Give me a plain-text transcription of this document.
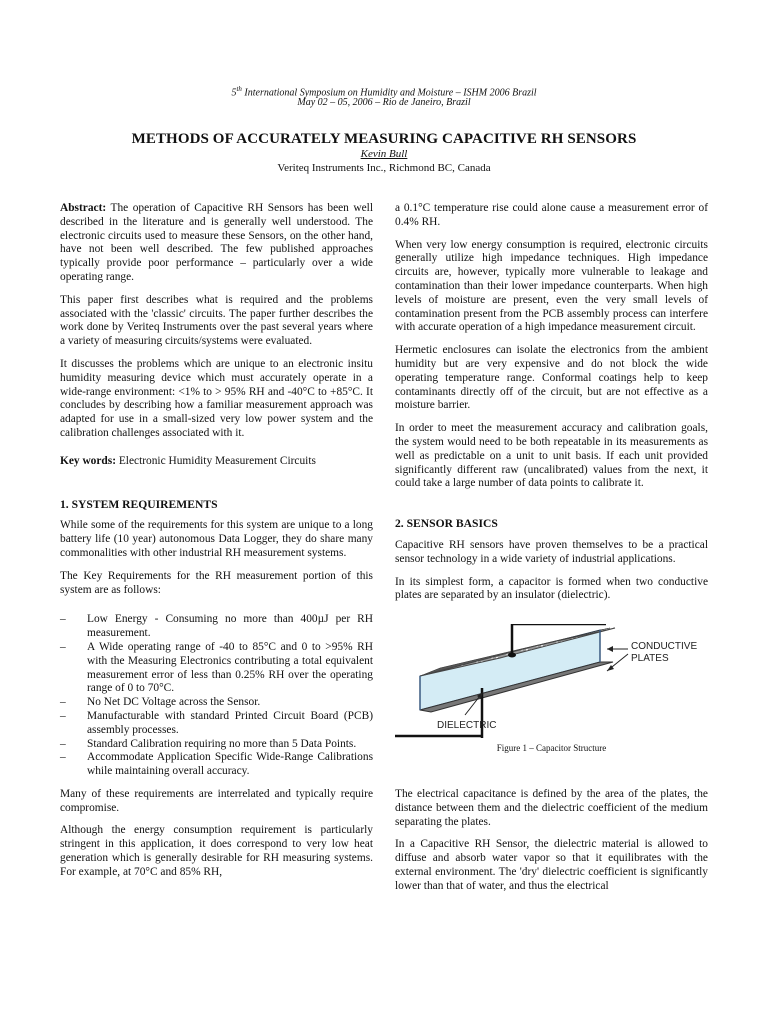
5th International Symposium on Humidity and Moisture – ISHM 2006 Brazil
May 02 – 05, 2006 – Rio de Janeiro, Brazil
METHODS OF ACCURATELY MEASURING CAPACITIVE RH SENSORS
Kevin Bull
Veriteq Instruments Inc., Richmond BC, Canada

Abstract: The operation of Capacitive RH Sensors has been well described in the literature and is generally well understood. The electronic circuits used to measure these Sensors, on the other hand, have not been well described. The few published approaches typically provide poor performance – particularly over a wide operating range.

This paper first describes what is required and the problems associated with the 'classic' circuits. The paper further describes the work done by Veriteq Instruments over the past several years where a variety of measuring circuits/systems were evaluated.

It discusses the problems which are unique to an electronic insitu humidity measuring device which must accurately operate in a wide-range environment: <1% to > 95% RH and -40°C to +85°C. It concludes by describing how a familiar measurement approach was adapted for use in a small-sized very low power system and the calibration challenges associated with it.

Key words: Electronic Humidity Measurement Circuits

1. SYSTEM REQUIREMENTS

While some of the requirements for this system are unique to a long battery life (10 year) autonomous Data Logger, they do share many commonalities with other industrial RH measurement systems.

The Key Requirements for the RH measurement portion of this system are as follows:

– Low Energy - Consuming no more than 400µJ per RH measurement.
– A Wide operating range of -40 to 85°C and 0 to >95% RH with the Measuring Electronics contributing a total equivalent measurement error of less than 0.25% RH over the operating range of 0 to 70°C.
– No Net DC Voltage across the Sensor.
– Manufacturable with standard Printed Circuit Board (PCB) assembly processes.
– Standard Calibration requiring no more than 5 Data Points.
– Accommodate Application Specific Wide-Range Calibrations while maintaining overall accuracy.

Many of these requirements are interrelated and typically require compromise.

Although the energy consumption requirement is particularly stringent in this application, it does correspond to very low heat generation which is generally desirable for RH measuring systems. For example, at 70°C and 85% RH,

a 0.1°C temperature rise could alone cause a measurement error of 0.4% RH.

When very low energy consumption is required, electronic circuits generally utilize high impedance techniques. High impedance circuits are, however, typically more vulnerable to leakage and contamination than their lower impedance counterparts. When high levels of moisture are present, even the very small levels of contamination present from the PCB assembly process can interfere with accurate operation of a high impedance measurement circuit.

Hermetic enclosures can isolate the electronics from the ambient humidity but are very expensive and do not block the wide operating temperature range. Conformal coatings help to keep contaminants directly off of the circuit, but are not effective as a moisture barrier.

In order to meet the measurement accuracy and calibration goals, the system would need to be both repeatable in its measurements as well as predictable on a unit to unit basis. If each unit provided significantly different raw (uncalibrated) values from the next, it could take a large number of data points to calibrate it.

2. SENSOR BASICS

Capacitive RH sensors have proven themselves to be a practical sensor technology in a wide variety of industrial applications.

In its simplest form, a capacitor is formed when two conductive plates are separated by an insulator (dielectric).

CONDUCTIVE
PLATES
DIELECTRIC
Figure 1 – Capacitor Structure

The electrical capacitance is defined by the area of the plates, the distance between them and the dielectric coefficient of the medium separating the plates.

In a Capacitive RH Sensor, the dielectric material is allowed to diffuse and absorb water vapor so that it equilibrates with the external environment. The 'dry' dielectric coefficient is significantly lower than that of water, and thus the electrical
